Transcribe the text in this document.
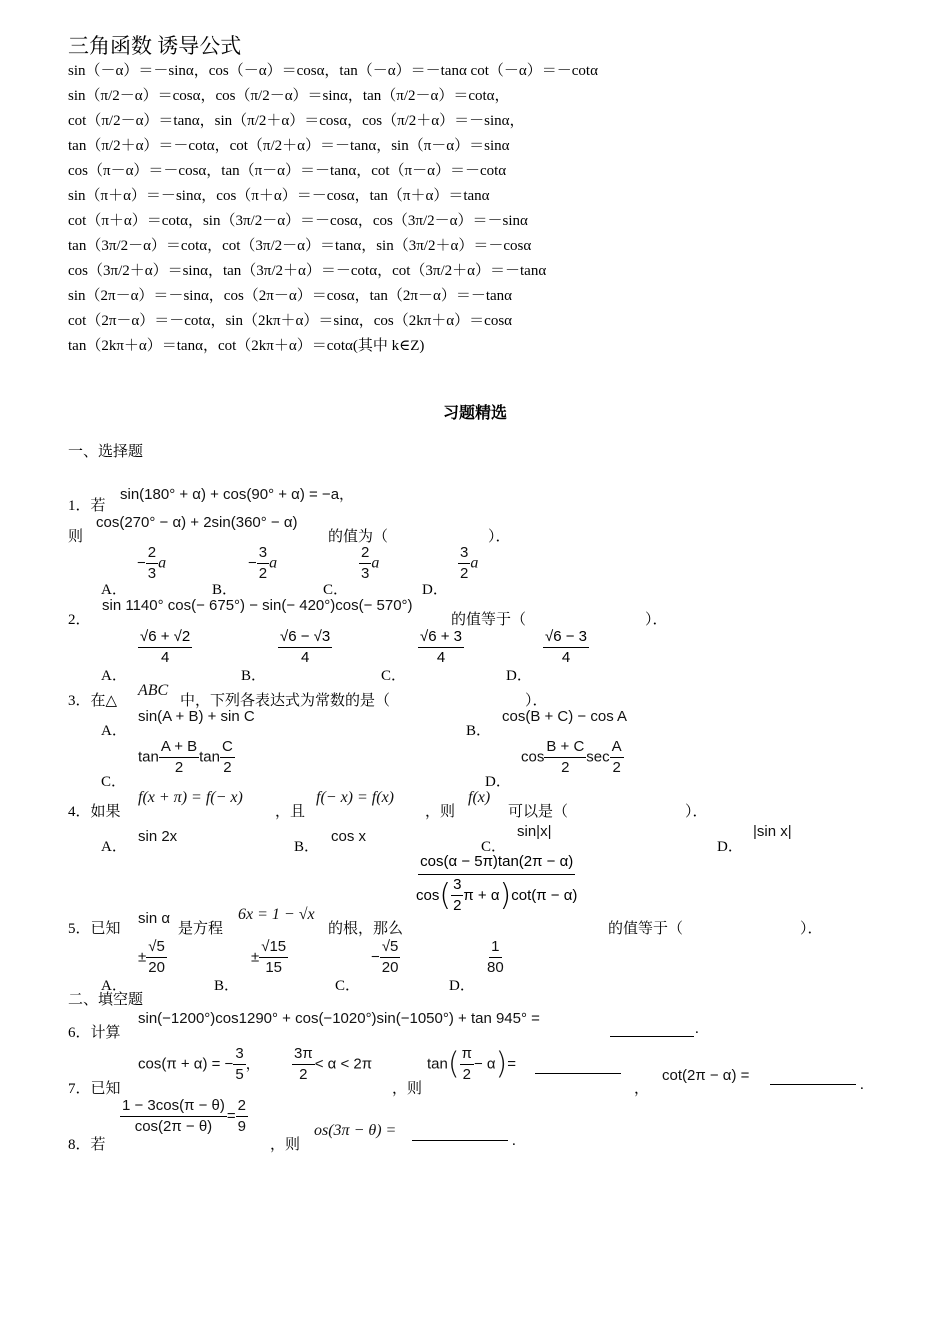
三角函数 诱导公式
sin（－α）＝－sinα，cos（－α）＝cosα，tan（－α）＝－tanα cot（－α）＝－cotα
sin（π/2－α）＝cosα，cos（π/2－α）＝sinα，tan（π/2－α）＝cotα，
cot（π/2－α）＝tanα，sin（π/2＋α）＝cosα，cos（π/2＋α）＝－sinα，
tan（π/2＋α）＝－cotα，cot（π/2＋α）＝－tanα，sin（π－α）＝sinα
cos（π－α）＝－cosα，tan（π－α）＝－tanα，cot（π－α）＝－cotα
sin（π＋α）＝－sinα，cos（π＋α）＝－cosα，tan（π＋α）＝tanα
cot（π＋α）＝cotα，sin（3π/2－α）＝－cosα，cos（3π/2－α）＝－sinα
tan（3π/2－α）＝cotα，cot（3π/2－α）＝tanα，sin（3π/2＋α）＝－cosα
cos（3π/2＋α）＝sinα，tan（3π/2＋α）＝－cotα，cot（3π/2＋α）＝－tanα
sin（2π－α）＝－sinα，cos（2π－α）＝cosα，tan（2π－α）＝－tanα
cot（2π－α）＝－cotα，sin（2kπ＋α）＝sinα，cos（2kπ＋α）＝cosα
tan（2kπ＋α）＝tanα，cot（2kπ＋α）＝cotα(其中 k∈Z)
习题精选
一、选择题
1．若
sin(180° + α) + cos(90° + α) = −a，
则
cos(270° − α) + 2sin(360° − α)
的值为（	）．
A．
− $\frac{2}{3}$ a
B．
− $\frac{3}{2}$ a
C．
$\frac{2}{3}$ a
D．
$\frac{3}{2}$ a
2．
sin 1140° cos(− 675°) − sin(− 420°)cos(− 570°)
的值等于（	）．
A．
$\frac{√6 + √2}{4}$
B．
$\frac{√6 - √3}{4}$
C．
$\frac{√6 + 3}{4}$
D．
$\frac{√6 - 3}{4}$
3．在△
ABC
中，下列各表达式为常数的是（	）．
A．
sin(A + B) + sin C
B．
cos(B + C) − cos A
C．
$\tan \frac{A + B}{2}$ $\tan \frac{C}{2}$
D．
$\cos \frac{B + C}{2}$ $\sec \frac{A}{2}$
4．如果
f(x + π) = f(− x)
，且
f(− x) = f(x)
，则
f(x)
可以是（	）．
A．
sin 2x
B．
cos x
C．
sin|x|
D．
|sin x|
5．已知
sin α
是方程
6x = 1 − √x
的根，那么
$\frac{\cos(\alpha - 5\pi)\tan(2\pi - \alpha)}{\cos ( \frac{3}{2} \pi + \alpha ) \cot(\pi - \alpha)}$
的值等于（	）．
A．
± $\frac{√5}{20}$
B．
± $\frac{√15}{15}$
C．
− $\frac{√5}{20}$
D．
$\frac{1}{80}$
二、填空题
6．计算
sin(−1200°)cos1290° + cos(−1020°)sin(−1050°) + tan 945° =
.
7．已知
cos(π + α) = − $\frac{3}{5}$ ， $\frac{3\pi}{2} < \alpha < 2\pi$
，则
$\tan( \frac{\pi}{2} - \alpha)=$
，
cot(2π − α) =
.
8．若
$\frac{1 - 3\cos(\pi - \theta)}{\cos(2\pi - \theta)} = \frac{2}{9}$
，则
os(3π − θ) =
.
